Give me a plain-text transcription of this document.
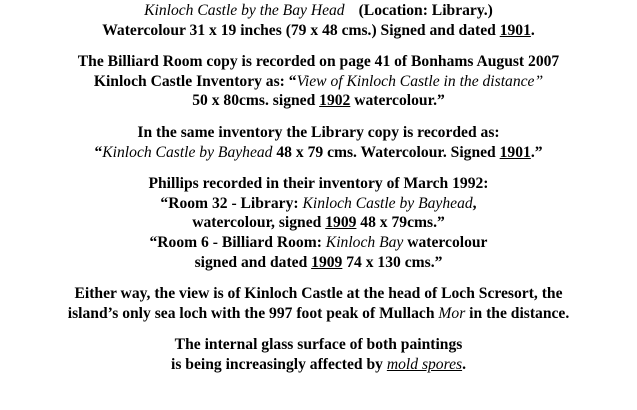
Kinloch Castle by the Bay Head (Location: Library.)
Watercolour 31 x 19 inches (79 x 48 cms.) Signed and dated 1901.

The Billiard Room copy is recorded on page 41 of Bonhams August 2007
Kinloch Castle Inventory as: “View of Kinloch Castle in the distance”
50 x 80cms. signed 1902 watercolour.”

In the same inventory the Library copy is recorded as:
“Kinloch Castle by Bayhead 48 x 79 cms. Watercolour. Signed 1901.”

Phillips recorded in their inventory of March 1992:
“Room 32 - Library: Kinloch Castle by Bayhead,
watercolour, signed 1909 48 x 79cms.”
“Room 6 - Billiard Room: Kinloch Bay watercolour
signed and dated 1909 74 x 130 cms.”

Either way, the view is of Kinloch Castle at the head of Loch Scresort, the
island’s only sea loch with the 997 foot peak of Mullach Mor in the distance.

The internal glass surface of both paintings
is being increasingly affected by mold spores.
